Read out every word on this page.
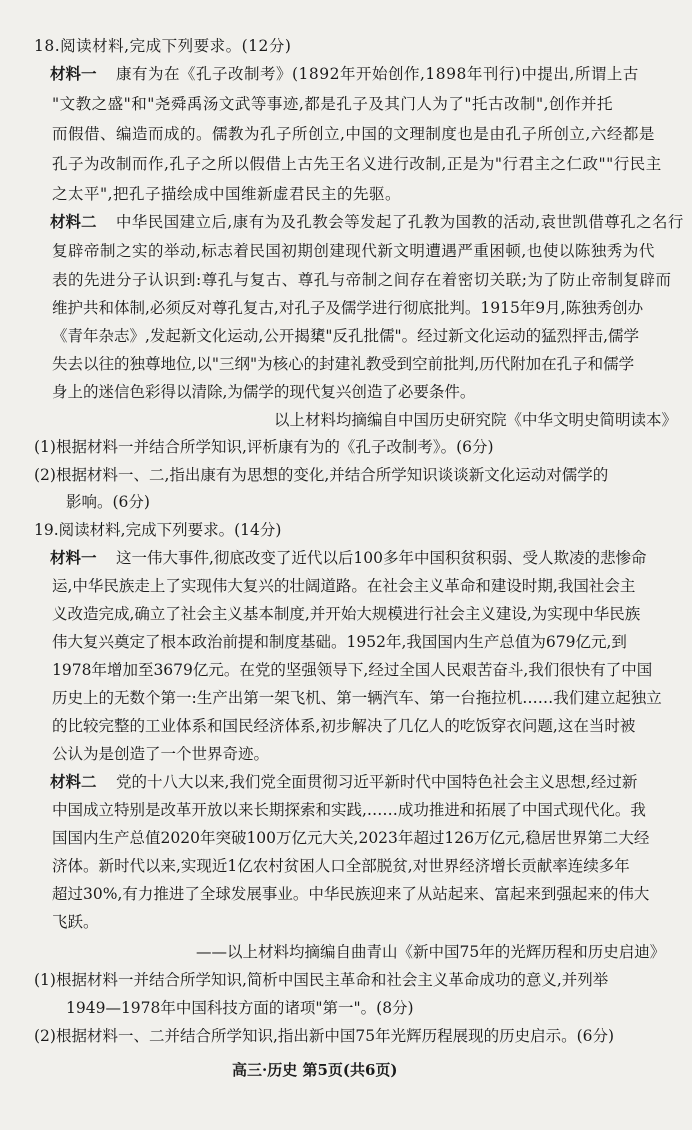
18.阅读材料,完成下列要求。(12分)
材料一 康有为在《孔子改制考》(1892年开始创作,1898年刊行)中提出,所谓上古
"文教之盛"和"尧舜禹汤文武等事迹,都是孔子及其门人为了"托古改制",创作并托
而假借、编造而成的。儒教为孔子所创立,中国的文理制度也是由孔子所创立,六经都是
孔子为改制而作,孔子之所以假借上古先王名义进行改制,正是为"行君主之仁政""行民主
之太平",把孔子描绘成中国维新虚君民主的先驱。
材料二 中华民国建立后,康有为及孔教会等发起了孔教为国教的活动,袁世凯借尊孔之名行
复辟帝制之实的举动,标志着民国初期创建现代新文明遭遇严重困顿,也使以陈独秀为代
表的先进分子认识到:尊孔与复古、尊孔与帝制之间存在着密切关联;为了防止帝制复辟而
维护共和体制,必须反对尊孔复古,对孔子及儒学进行彻底批判。1915年9月,陈独秀创办
《青年杂志》,发起新文化运动,公开揭橥"反孔批儒"。经过新文化运动的猛烈抨击,儒学
失去以往的独尊地位,以"三纲"为核心的封建礼教受到空前批判,历代附加在孔子和儒学
身上的迷信色彩得以清除,为儒学的现代复兴创造了必要条件。
以上材料均摘编自中国历史研究院《中华文明史简明读本》
(1)根据材料一并结合所学知识,评析康有为的《孔子改制考》。(6分)
(2)根据材料一、二,指出康有为思想的变化,并结合所学知识谈谈新文化运动对儒学的
影响。(6分)
19.阅读材料,完成下列要求。(14分)
材料一 这一伟大事件,彻底改变了近代以后100多年中国积贫积弱、受人欺凌的悲惨命
运,中华民族走上了实现伟大复兴的壮阔道路。在社会主义革命和建设时期,我国社会主
义改造完成,确立了社会主义基本制度,并开始大规模进行社会主义建设,为实现中华民族
伟大复兴奠定了根本政治前提和制度基础。1952年,我国国内生产总值为679亿元,到
1978年增加至3679亿元。在党的坚强领导下,经过全国人民艰苦奋斗,我们很快有了中国
历史上的无数个第一:生产出第一架飞机、第一辆汽车、第一台拖拉机……我们建立起独立
的比较完整的工业体系和国民经济体系,初步解决了几亿人的吃饭穿衣问题,这在当时被
公认为是创造了一个世界奇迹。
材料二 党的十八大以来,我们党全面贯彻习近平新时代中国特色社会主义思想,经过新
中国成立特别是改革开放以来长期探索和实践,……成功推进和拓展了中国式现代化。我
国国内生产总值2020年突破100万亿元大关,2023年超过126万亿元,稳居世界第二大经
济体。新时代以来,实现近1亿农村贫困人口全部脱贫,对世界经济增长贡献率连续多年
超过30%,有力推进了全球发展事业。中华民族迎来了从站起来、富起来到强起来的伟大
飞跃。
——以上材料均摘编自曲青山《新中国75年的光辉历程和历史启迪》
(1)根据材料一并结合所学知识,简析中国民主革命和社会主义革命成功的意义,并列举
1949—1978年中国科技方面的诸项"第一"。(8分)
(2)根据材料一、二并结合所学知识,指出新中国75年光辉历程展现的历史启示。(6分)
高三·历史 第5页(共6页)
